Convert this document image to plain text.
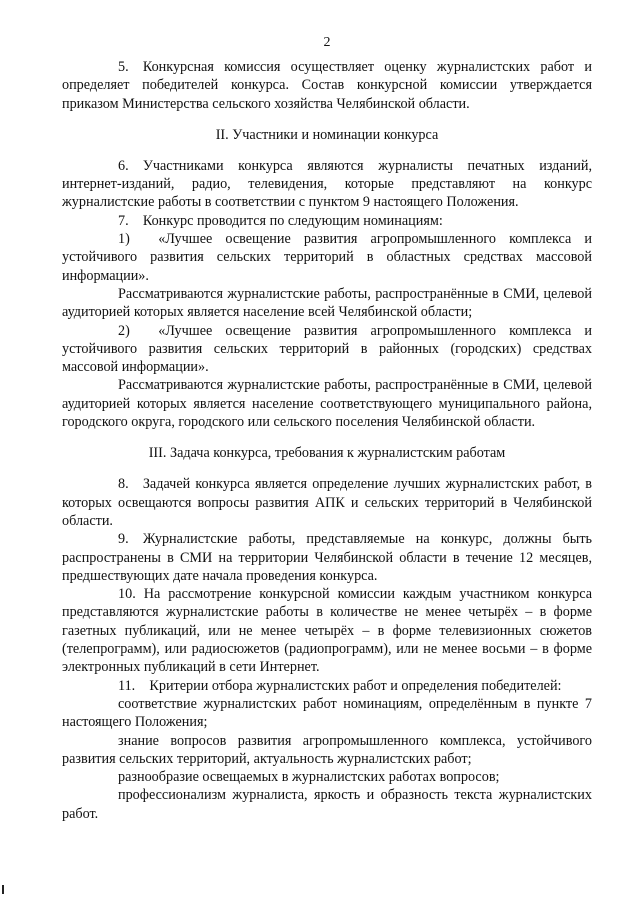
2

5. Конкурсная комиссия осуществляет оценку журналистских работ и определяет победителей конкурса. Состав конкурсной комиссии утверждается приказом Министерства сельского хозяйства Челябинской области.

II. Участники и номинации конкурса

6. Участниками конкурса являются журналисты печатных изданий, интернет-изданий, радио, телевидения, которые представляют на конкурс журналистские работы в соответствии с пунктом 9 настоящего Положения.

7. Конкурс проводится по следующим номинациям:

1)  «Лучшее освещение развития агропромышленного комплекса и устойчивого развития сельских территорий в областных средствах массовой информации».

Рассматриваются журналистские работы, распространённые в СМИ, целевой аудиторией которых является население всей Челябинской области;

2)  «Лучшее освещение развития агропромышленного комплекса и устойчивого развития сельских территорий в районных (городских) средствах массовой информации».

Рассматриваются журналистские работы, распространённые в СМИ, целевой аудиторией которых является население соответствующего муниципального района, городского округа, городского или сельского поселения Челябинской области.

III. Задача конкурса, требования к журналистским работам

8. Задачей конкурса является определение лучших журналистских работ, в которых освещаются вопросы развития АПК и сельских территорий в Челябинской области.

9. Журналистские работы, представляемые на конкурс, должны быть распространены в СМИ на территории Челябинской области в течение 12 месяцев, предшествующих дате начала проведения конкурса.

10. На рассмотрение конкурсной комиссии каждым участником конкурса представляются журналистские работы в количестве не менее четырёх – в форме газетных публикаций, или не менее четырёх – в форме телевизионных сюжетов (телепрограмм), или радиосюжетов (радиопрограмм), или не менее восьми – в форме электронных публикаций в сети Интернет.

11. Критерии отбора журналистских работ и определения победителей:

соответствие журналистских работ номинациям, определённым в пункте 7 настоящего Положения;

знание вопросов развития агропромышленного комплекса, устойчивого развития сельских территорий, актуальность журналистских работ;

разнообразие освещаемых в журналистских работах вопросов;

профессионализм журналиста, яркость и образность текста журналистских работ.
